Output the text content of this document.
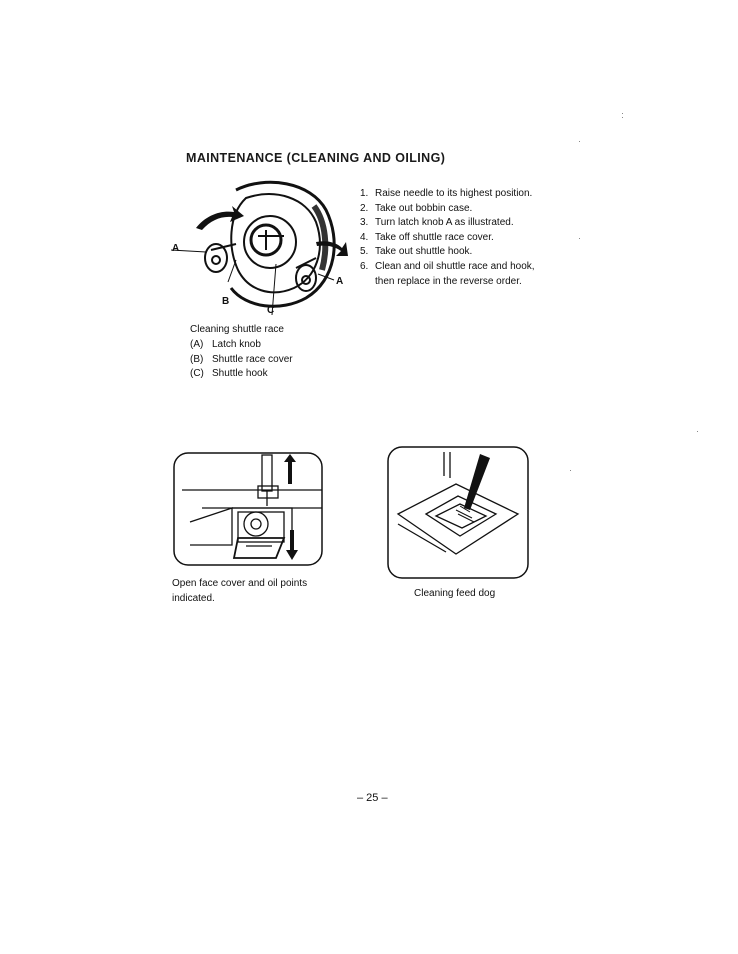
MAINTENANCE (CLEANING AND OILING)
A
A
B
C
1. Raise needle to its highest position.
2. Take out bobbin case.
3. Turn latch knob A as illustrated.
4. Take off shuttle race cover.
5. Take out shuttle hook.
6. Clean and oil shuttle race and hook,
then replace in the reverse order.
Cleaning shuttle race
(A) Latch knob
(B) Shuttle race cover
(C) Shuttle hook
Open face cover and oil points
indicated.	Cleaning feed dog
– 25 –
